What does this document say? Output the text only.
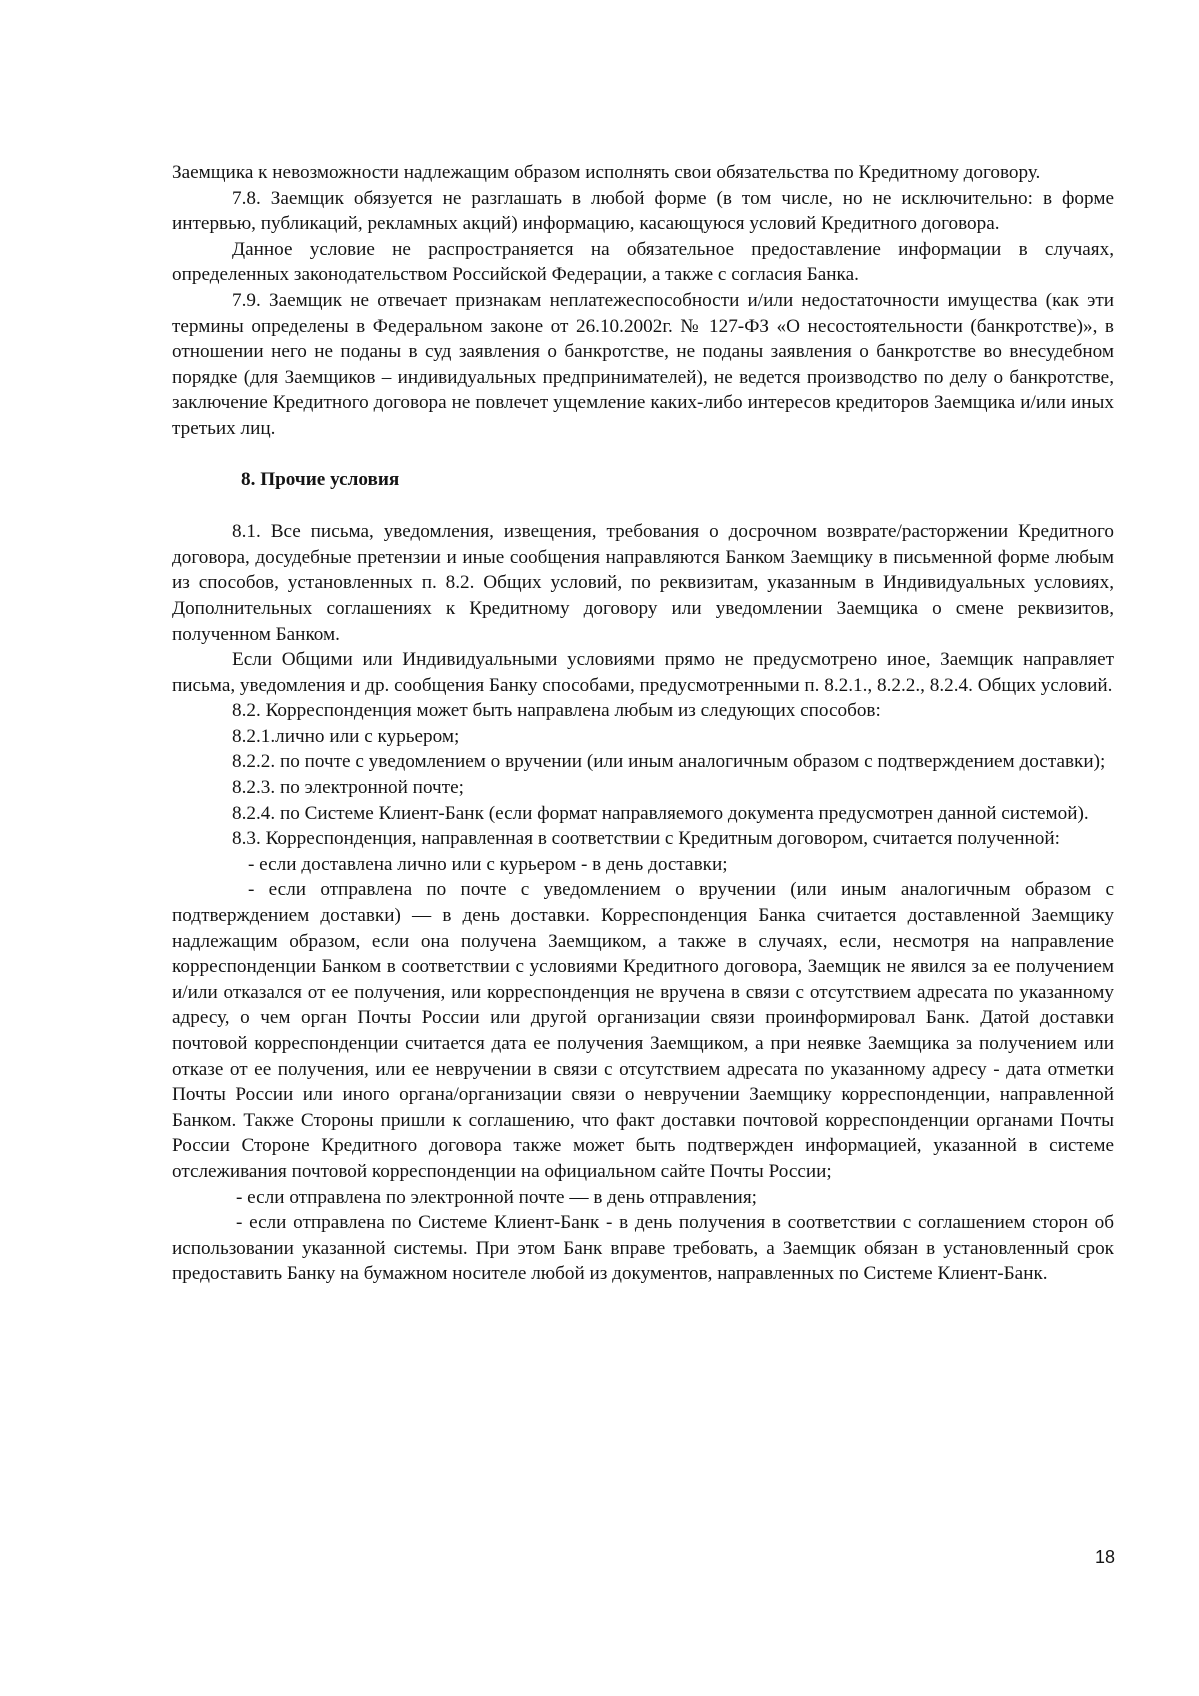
Заемщика к невозможности надлежащим образом исполнять свои обязательства по Кредитному договору.

7.8. Заемщик обязуется не разглашать в любой форме (в том числе, но не исключительно: в форме интервью, публикаций, рекламных акций) информацию, касающуюся условий Кредитного договора.

Данное условие не распространяется на обязательное предоставление информации в случаях, определенных законодательством Российской Федерации, а также с согласия Банка.

7.9. Заемщик не отвечает признакам неплатежеспособности и/или недостаточности имущества (как эти термины определены в Федеральном законе от 26.10.2002г. № 127-ФЗ «О несостоятельности (банкротстве)», в отношении него не поданы в суд заявления о банкротстве, не поданы заявления о банкротстве во внесудебном порядке (для Заемщиков – индивидуальных предпринимателей), не ведется производство по делу о банкротстве, заключение Кредитного договора не повлечет ущемление каких-либо интересов кредиторов Заемщика и/или иных третьих лиц.

8. Прочие условия

8.1. Все письма, уведомления, извещения, требования о досрочном возврате/расторжении Кредитного договора, досудебные претензии и иные сообщения направляются Банком Заемщику в письменной форме любым из способов, установленных п. 8.2. Общих условий, по реквизитам, указанным в Индивидуальных условиях, Дополнительных соглашениях к Кредитному договору или уведомлении Заемщика о смене реквизитов, полученном Банком.

Если Общими или Индивидуальными условиями прямо не предусмотрено иное, Заемщик направляет письма, уведомления и др. сообщения Банку способами, предусмотренными п. 8.2.1., 8.2.2., 8.2.4. Общих условий.

8.2. Корреспонденция может быть направлена любым из следующих способов:

8.2.1.лично или с курьером;

8.2.2. по почте с уведомлением о вручении (или иным аналогичным образом с подтверждением доставки);

8.2.3. по электронной почте;

8.2.4. по Системе Клиент-Банк (если формат направляемого документа предусмотрен данной системой).

8.3. Корреспонденция, направленная в соответствии с Кредитным договором, считается полученной:

- если доставлена лично или с курьером - в день доставки;

- если отправлена по почте с уведомлением о вручении (или иным аналогичным образом с подтверждением доставки) — в день доставки. Корреспонденция Банка считается доставленной Заемщику надлежащим образом, если она получена Заемщиком, а также в случаях, если, несмотря на направление корреспонденции Банком в соответствии с условиями Кредитного договора, Заемщик не явился за ее получением и/или отказался от ее получения, или корреспонденция не вручена в связи с отсутствием адресата по указанному адресу, о чем орган Почты России или другой организации связи проинформировал Банк. Датой доставки почтовой корреспонденции считается дата ее получения Заемщиком, а при неявке Заемщика за получением или отказе от ее получения, или ее невручении в связи с отсутствием адресата по указанному адресу - дата отметки Почты России или иного органа/организации связи о невручении Заемщику корреспонденции, направленной Банком. Также Стороны пришли к соглашению, что факт доставки почтовой корреспонденции органами Почты России Стороне Кредитного договора также может быть подтвержден информацией, указанной в системе отслеживания почтовой корреспонденции на официальном сайте Почты России;

- если отправлена по электронной почте — в день отправления;

- если отправлена по Системе Клиент-Банк - в день получения в соответствии с соглашением сторон об использовании указанной системы. При этом Банк вправе требовать, а Заемщик обязан в установленный срок предоставить Банку на бумажном носителе любой из документов, направленных по Системе Клиент-Банк.

18
